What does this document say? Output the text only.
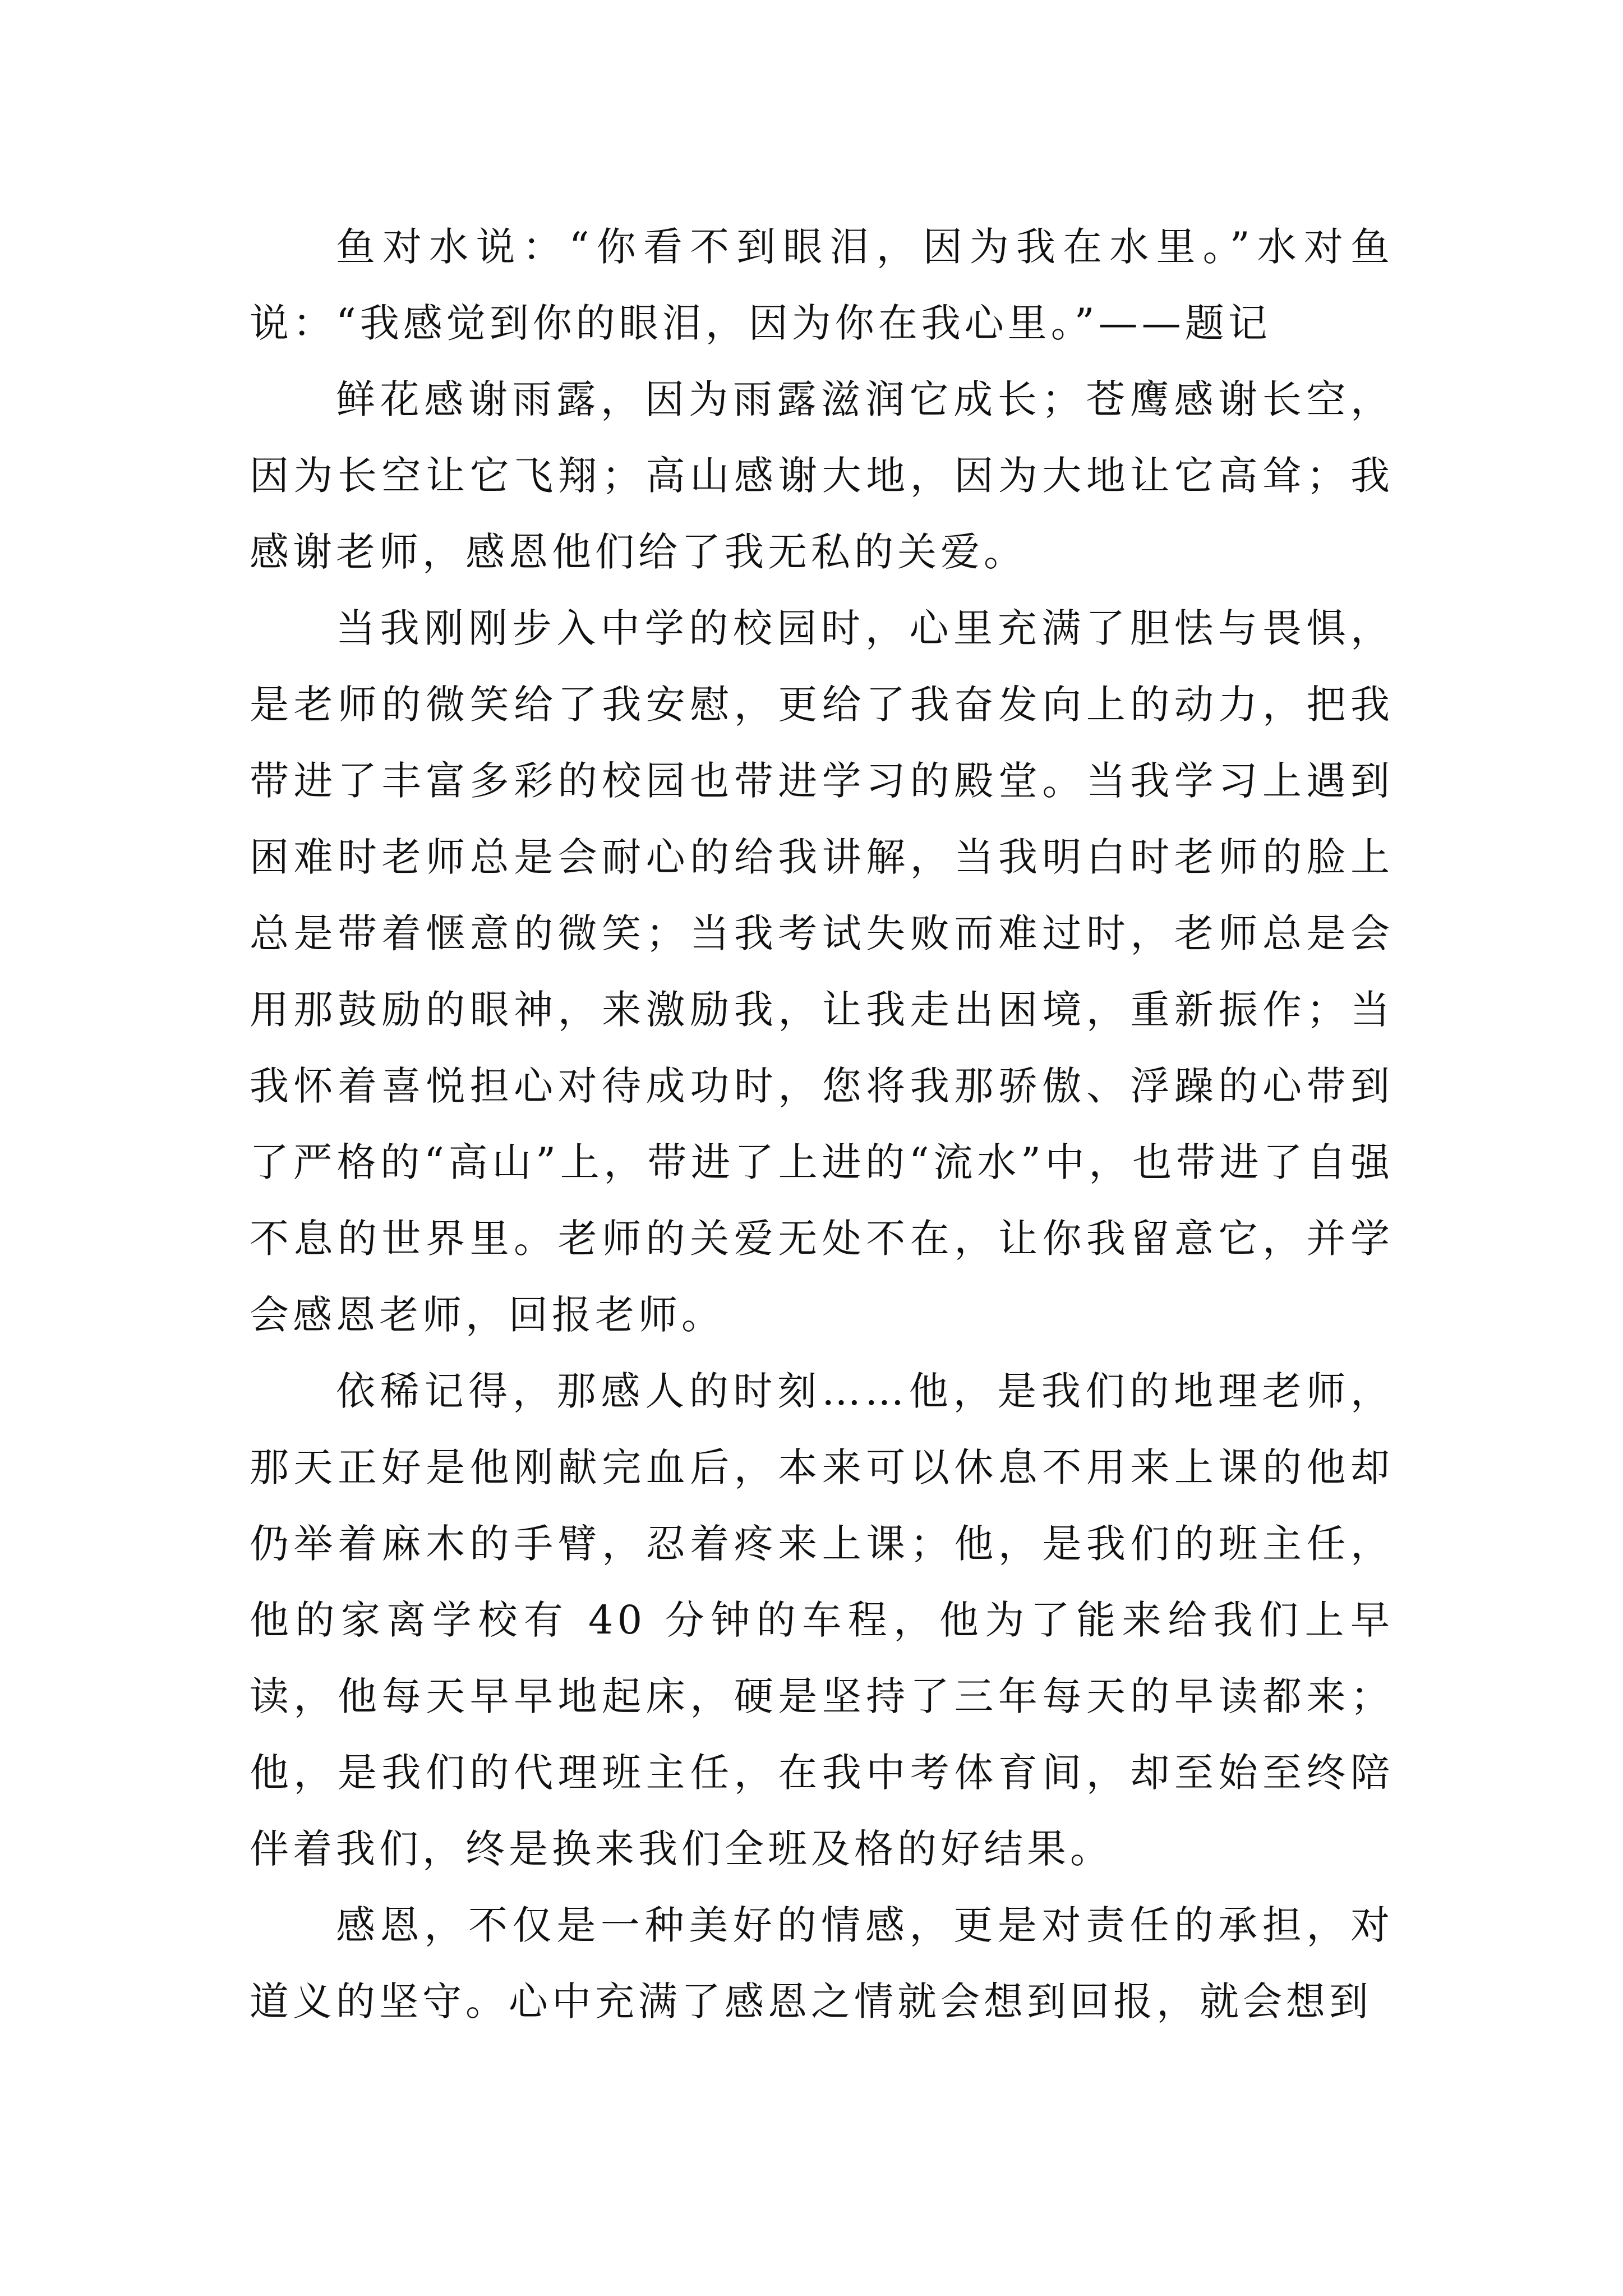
鱼对水说：“你看不到眼泪，因为我在水里。”水对鱼说：“我感觉到你的眼泪，因为你在我心里。”——题记

鲜花感谢雨露，因为雨露滋润它成长；苍鹰感谢长空，因为长空让它飞翔；高山感谢大地，因为大地让它高耸；我感谢老师，感恩他们给了我无私的关爱。

当我刚刚步入中学的校园时，心里充满了胆怯与畏惧，是老师的微笑给了我安慰，更给了我奋发向上的动力，把我带进了丰富多彩的校园也带进学习的殿堂。当我学习上遇到困难时老师总是会耐心的给我讲解，当我明白时老师的脸上总是带着惬意的微笑；当我考试失败而难过时，老师总是会用那鼓励的眼神，来激励我，让我走出困境，重新振作；当我怀着喜悦担心对待成功时，您将我那骄傲、浮躁的心带到了严格的“高山”上，带进了上进的“流水”中，也带进了自强不息的世界里。老师的关爱无处不在，让你我留意它，并学会感恩老师，回报老师。

依稀记得，那感人的时刻……他，是我们的地理老师，那天正好是他刚献完血后，本来可以休息不用来上课的他却仍举着麻木的手臂，忍着疼来上课；他，是我们的班主任，他的家离学校有 40 分钟的车程，他为了能来给我们上早读，他每天早早地起床，硬是坚持了三年每天的早读都来；他，是我们的代理班主任，在我中考体育间，却至始至终陪伴着我们，终是换来我们全班及格的好结果。

感恩，不仅是一种美好的情感，更是对责任的承担，对道义的坚守。心中充满了感恩之情就会想到回报，就会想到
